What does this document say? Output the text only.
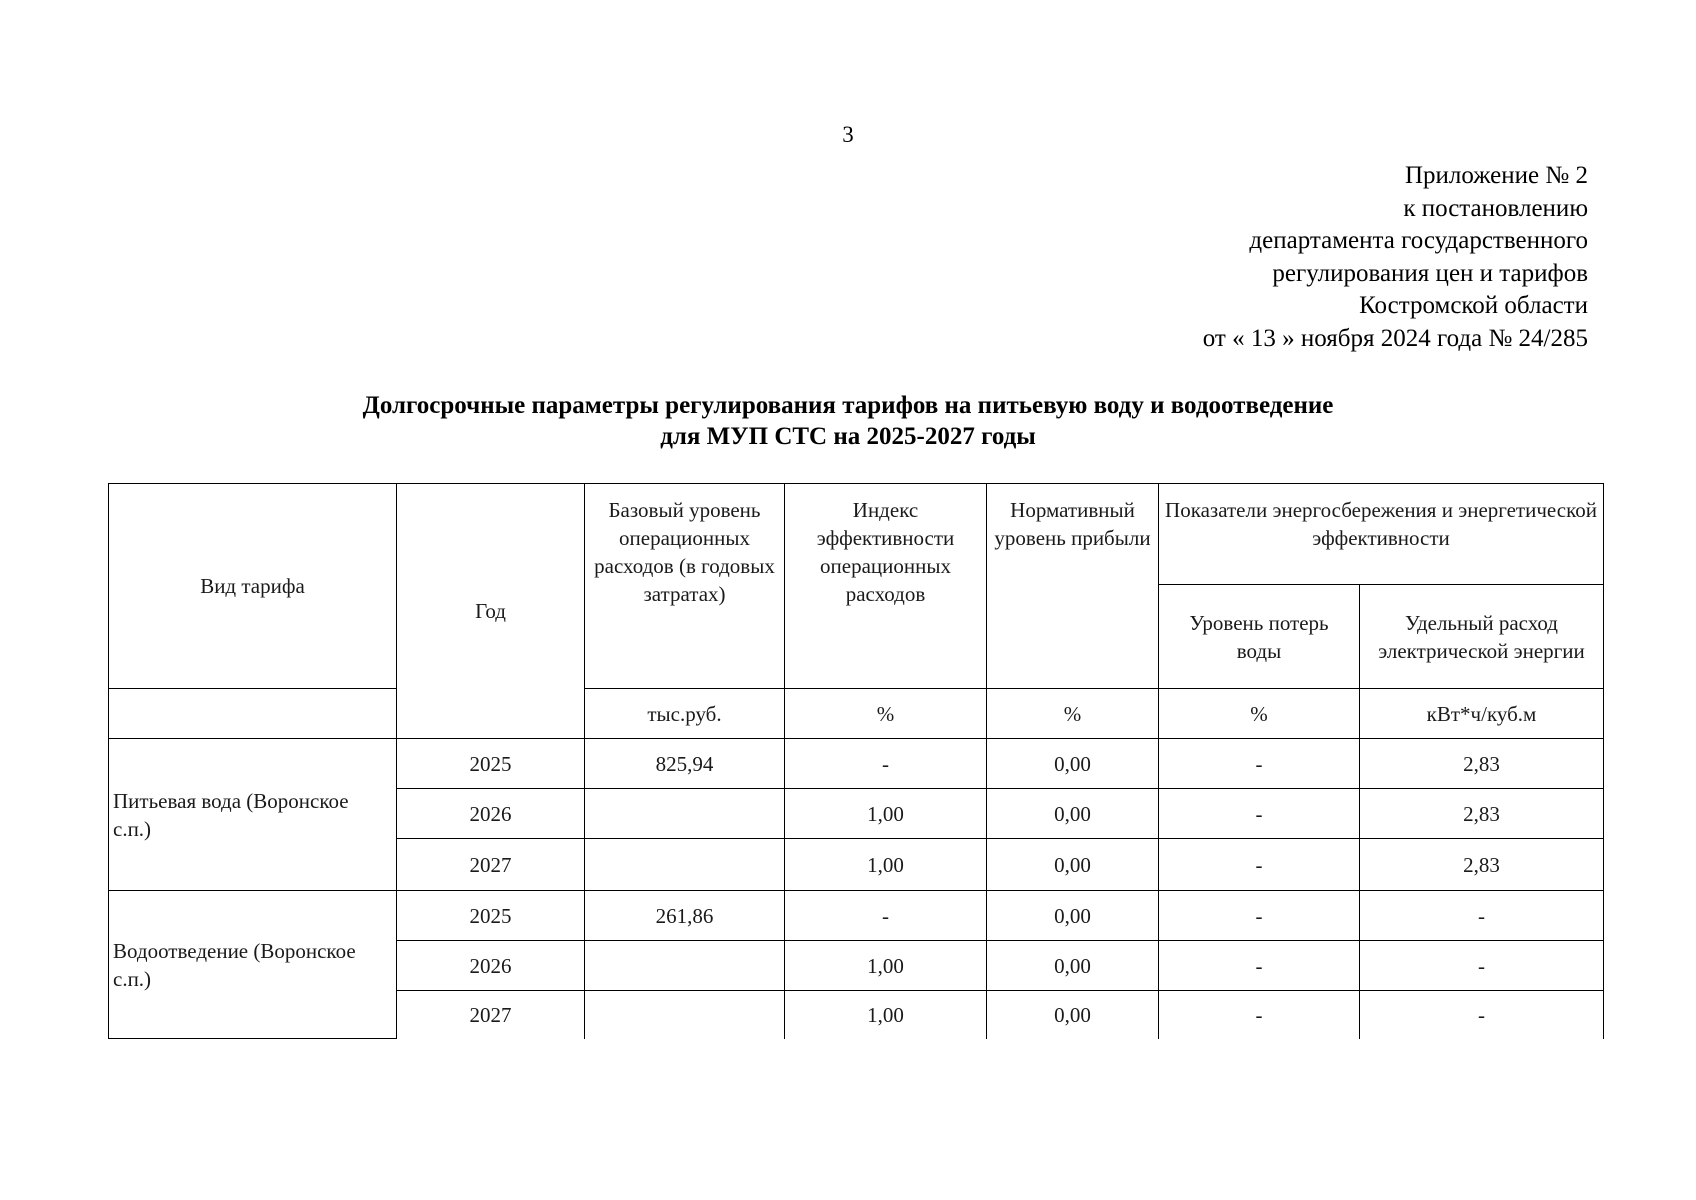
3
Приложение № 2
к постановлению
департамента государственного
регулирования цен и тарифов
Костромской области
от « 13 » ноября 2024 года № 24/285
Долгосрочные параметры регулирования тарифов на питьевую воду и водоотведение
для МУП СТС на 2025-2027 годы
Вид тарифа	Год	Базовый уровень операционных расходов (в годовых затратах)	Индекс эффективности операционных расходов	Нормативный уровень прибыли	Показатели энергосбережения и энергетической эффективности	
					Уровень потерь воды	Удельный расход электрической энергии
		тыс.руб.	%	%	%	кВт*ч/куб.м
Питьевая вода (Воронское с.п.)	2025	825,94	-	0,00	-	2,83
	2026		1,00	0,00	-	2,83
	2027		1,00	0,00	-	2,83
Водоотведение (Воронское с.п.)	2025	261,86	-	0,00	-	-
	2026		1,00	0,00	-	-
	2027		1,00	0,00	-	-
